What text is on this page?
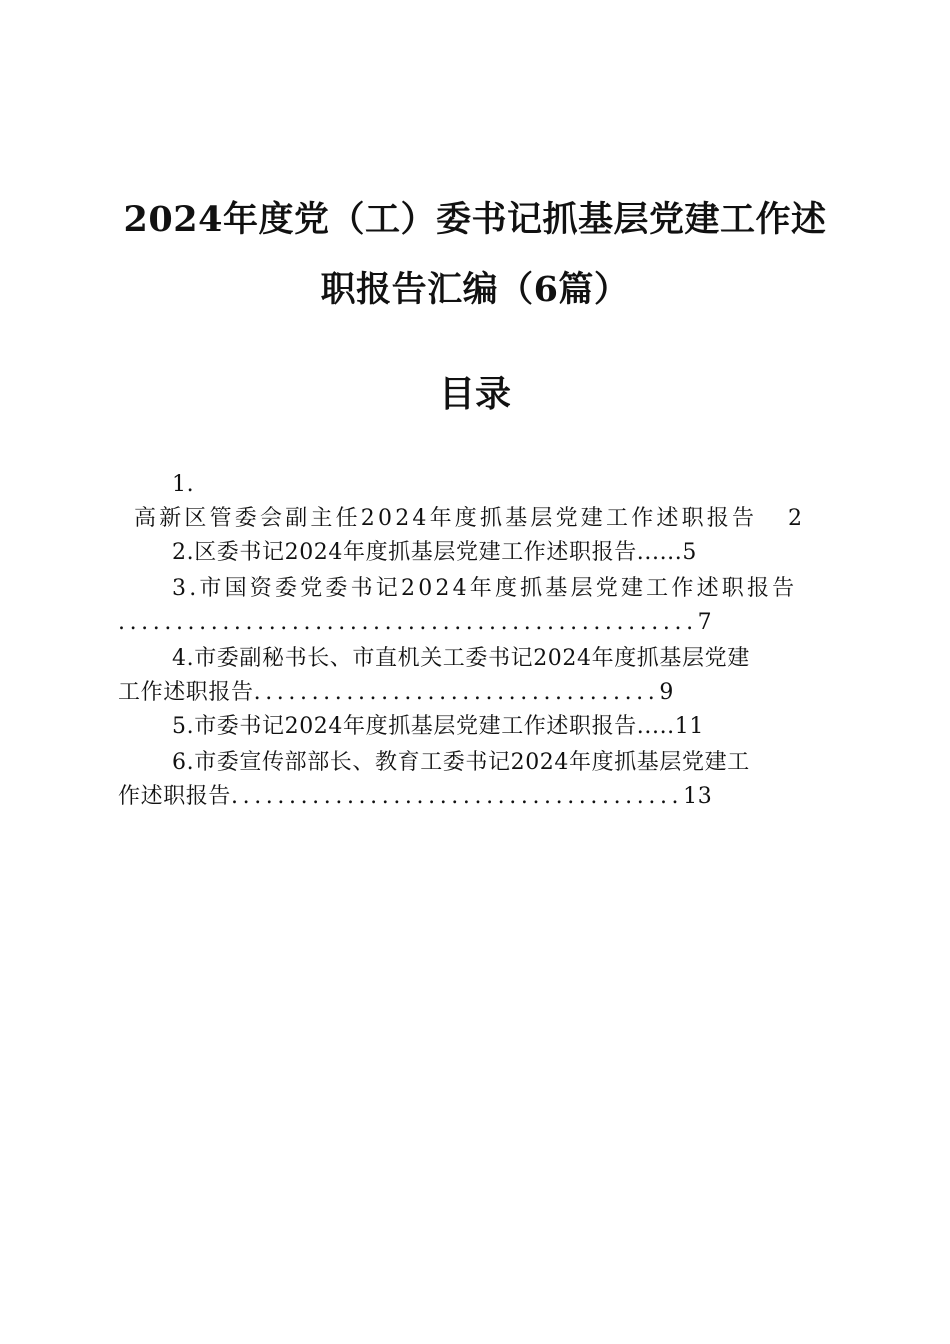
2024年度党（工）委书记抓基层党建工作述
职报告汇编（6篇）
目录
1.
高新区管委会副主任2024年度抓基层党建工作述职报告 2
2.区委书记2024年度抓基层党建工作述职报告......5
3.市国资委党委书记2024年度抓基层党建工作述职报告
..................................................7
4.市委副秘书长、市直机关工委书记2024年度抓基层党建
工作述职报告...................................9
5.市委书记2024年度抓基层党建工作述职报告.....11
6.市委宣传部部长、教育工委书记2024年度抓基层党建工
作述职报告.......................................13
